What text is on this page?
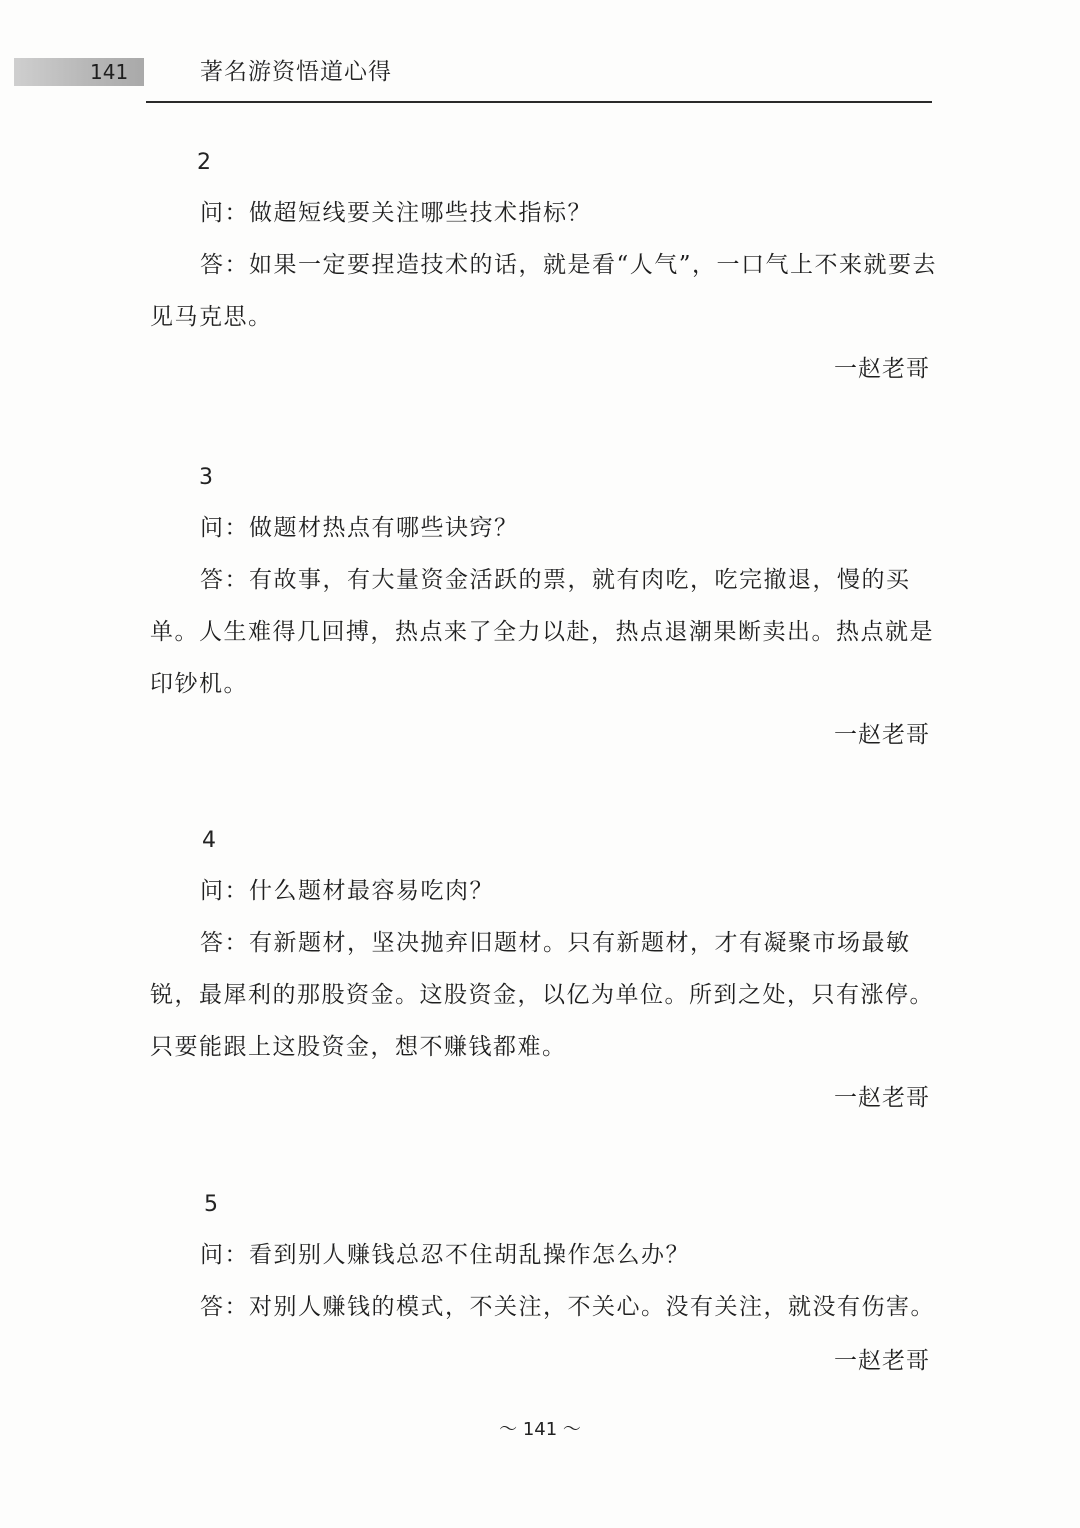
141	著名游资悟道心得
2

问：做超短线要关注哪些技术指标？

答：如果一定要捏造技术的话，就是看“人气”，一口气上不来就要去见马克思。

一赵老哥
3

问：做题材热点有哪些诀窍？

答：有故事，有大量资金活跃的票，就有肉吃，吃完撤退，慢的买单。人生难得几回搏，热点来了全力以赴，热点退潮果断卖出。热点就是印钞机。

一赵老哥
4

问：什么题材最容易吃肉？

答：有新题材，坚决抛弃旧题材。只有新题材，才有凝聚市场最敏锐，最犀利的那股资金。这股资金，以亿为单位。所到之处，只有涨停。只要能跟上这股资金，想不赚钱都难。

一赵老哥
5

问：看到别人赚钱总忍不住胡乱操作怎么办？

答：对别人赚钱的模式，不关注，不关心。没有关注，就没有伤害。

一赵老哥
～ 141 ～
